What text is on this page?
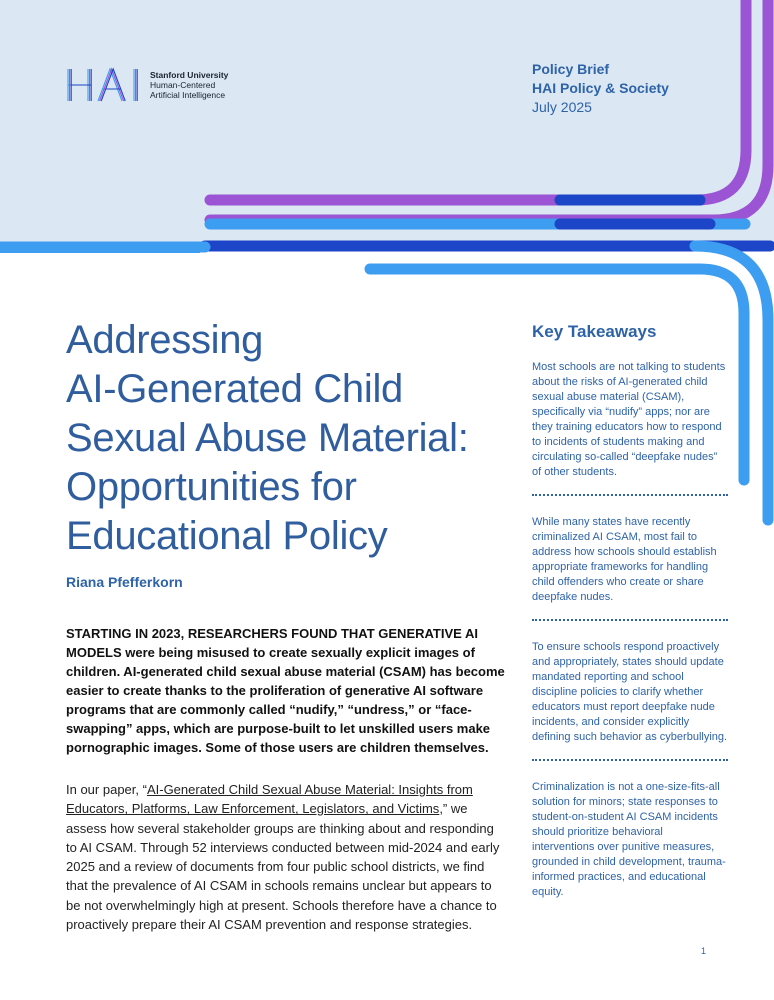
Stanford University
Human-Centered
Artificial Intelligence
Policy Brief
HAI Policy & Society
July 2025
Addressing
AI-Generated Child
Sexual Abuse Material:
Opportunities for
Educational Policy
Riana Pfefferkorn

STARTING IN 2023, RESEARCHERS FOUND THAT GENERATIVE AI MODELS were being misused to create sexually explicit images of children. AI-generated child sexual abuse material (CSAM) has become easier to create thanks to the proliferation of generative AI software programs that are commonly called “nudify,” “undress,” or “face-swapping” apps, which are purpose-built to let unskilled users make pornographic images. Some of those users are children themselves.

In our paper, “AI-Generated Child Sexual Abuse Material: Insights from Educators, Platforms, Law Enforcement, Legislators, and Victims,” we assess how several stakeholder groups are thinking about and responding to AI CSAM. Through 52 interviews conducted between mid-2024 and early 2025 and a review of documents from four public school districts, we find that the prevalence of AI CSAM in schools remains unclear but appears to be not overwhelmingly high at present. Schools therefore have a chance to proactively prepare their AI CSAM prevention and response strategies.

Key Takeaways
Most schools are not talking to students about the risks of AI-generated child sexual abuse material (CSAM), specifically via “nudify” apps; nor are they training educators how to respond to incidents of students making and circulating so-called “deepfake nudes” of other students.
While many states have recently criminalized AI CSAM, most fail to address how schools should establish appropriate frameworks for handling child offenders who create or share deepfake nudes.
To ensure schools respond proactively and appropriately, states should update mandated reporting and school discipline policies to clarify whether educators must report deepfake nude incidents, and consider explicitly defining such behavior as cyberbullying.
Criminalization is not a one-size-fits-all solution for minors; state responses to student-on-student AI CSAM incidents should prioritize behavioral interventions over punitive measures, grounded in child development, trauma-informed practices, and educational equity.
1
